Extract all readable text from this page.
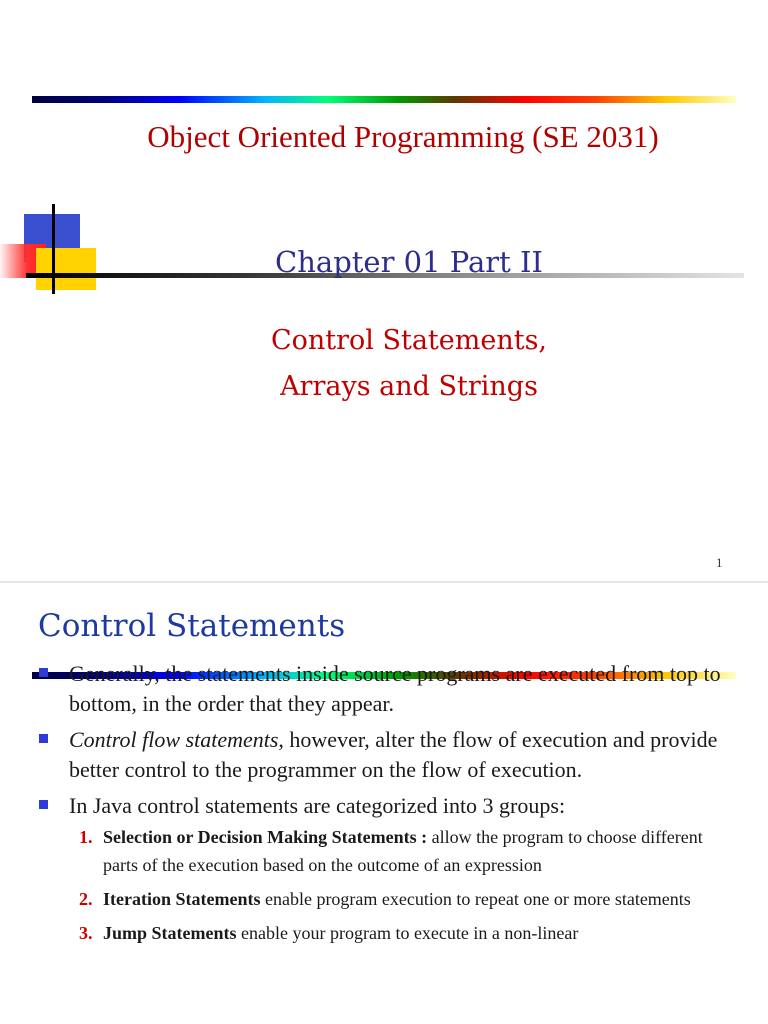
Object Oriented Programming (SE 2031)
Chapter 01 Part II
Control Statements,
Arrays and Strings
1
Control Statements
Generally, the statements inside source programs are executed from top to bottom, in the order that they appear.
Control flow statements, however, alter the flow of execution and provide better control to the programmer on the flow of execution.
In Java control statements are categorized into 3 groups:
1. Selection or Decision Making Statements : allow the program to choose different parts of the execution based on the outcome of an expression
2. Iteration Statements enable program execution to repeat one or more statements
3. Jump Statements enable your program to execute in a non-linear
